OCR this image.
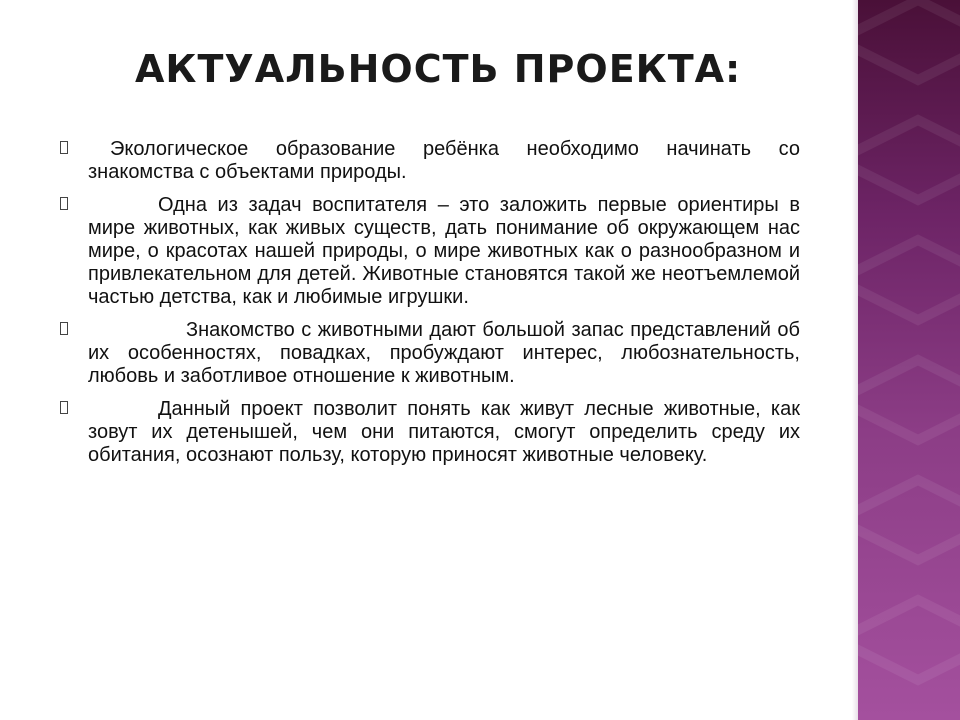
АКТУАЛЬНОСТЬ ПРОЕКТА:
Экологическое образование ребёнка необходимо начинать со знакомства с объектами природы.
Одна из задач воспитателя – это заложить первые ориентиры в мире животных, как живых существ, дать понимание об окружающем нас мире, о красотах нашей природы, о мире животных как о разнообразном и привлекательном для детей. Животные становятся такой же неотъемлемой частью детства, как и любимые игрушки.
Знакомство с животными дают большой запас представлений об их особенностях, повадках, пробуждают интерес, любознательность, любовь и заботливое отношение к животным.
Данный проект позволит понять как живут лесные животные, как зовут их детенышей, чем они питаются, смогут определить среду их обитания, осознают пользу, которую приносят животные человеку.
